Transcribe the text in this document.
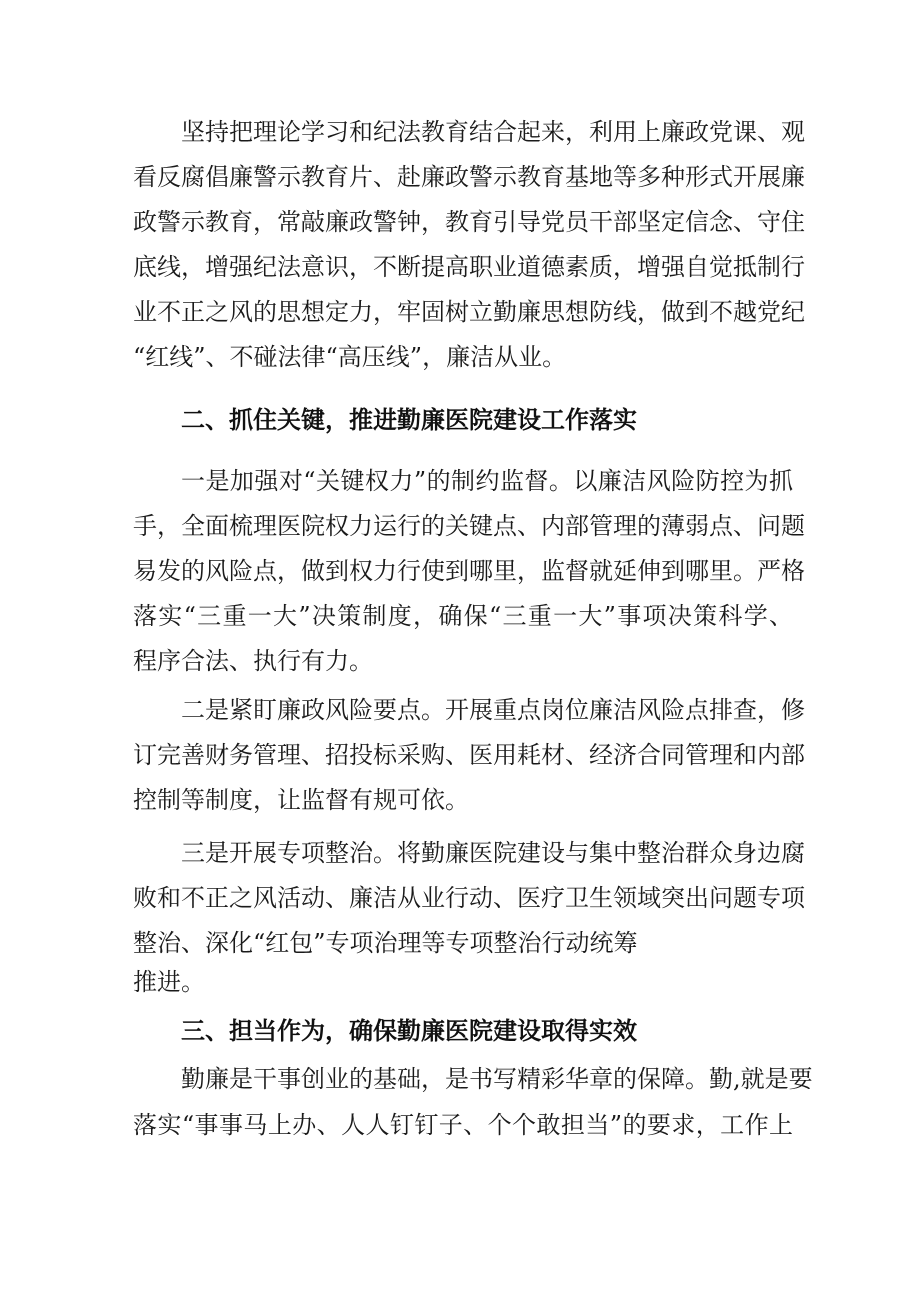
坚持把理论学习和纪法教育结合起来，利用上廉政党课、观
看反腐倡廉警示教育片、赴廉政警示教育基地等多种形式开展廉
政警示教育，常敲廉政警钟，教育引导党员干部坚定信念、守住
底线，增强纪法意识，不断提高职业道德素质，增强自觉抵制行
业不正之风的思想定力，牢固树立勤廉思想防线，做到不越党纪
“红线”、不碰法律“高压线”，廉洁从业。
二、抓住关键，推进勤廉医院建设工作落实
一是加强对“关键权力”的制约监督。以廉洁风险防控为抓
手，全面梳理医院权力运行的关键点、内部管理的薄弱点、问题
易发的风险点，做到权力行使到哪里，监督就延伸到哪里。严格
落实“三重一大”决策制度，确保“三重一大”事项决策科学、
程序合法、执行有力。
二是紧盯廉政风险要点。开展重点岗位廉洁风险点排查，修
订完善财务管理、招投标采购、医用耗材、经济合同管理和内部
控制等制度，让监督有规可依。
三是开展专项整治。将勤廉医院建设与集中整治群众身边腐
败和不正之风活动、廉洁从业行动、医疗卫生领域突出问题专项
整治、深化“红包”专项治理等专项整治行动统筹
推进。
三、担当作为，确保勤廉医院建设取得实效
勤廉是干事创业的基础，是书写精彩华章的保障。勤,就是要
落实“事事马上办、人人钉钉子、个个敢担当”的要求，工作上
